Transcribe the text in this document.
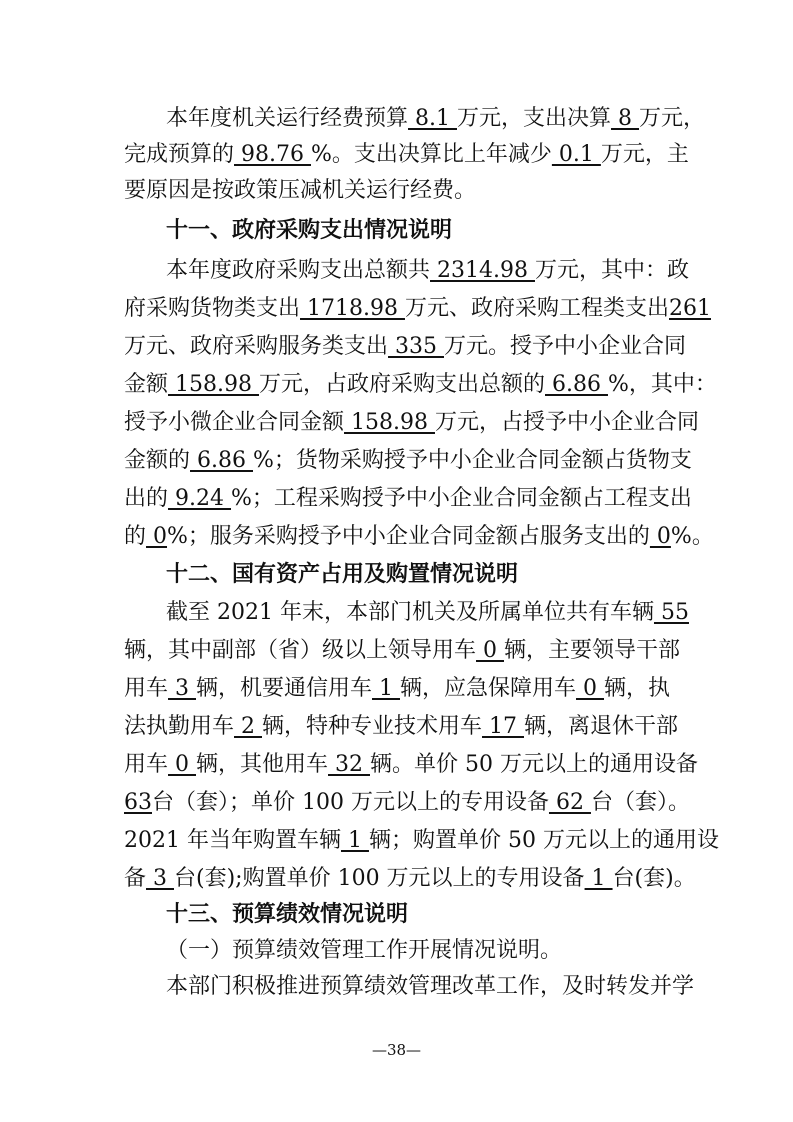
本年度机关运行经费预算 8.1 万元，支出决算 8 万元，
完成预算的 98.76 %。支出决算比上年减少 0.1 万元，主
要原因是按政策压减机关运行经费。
十一、政府采购支出情况说明
本年度政府采购支出总额共 2314.98 万元，其中：政
府采购货物类支出 1718.98 万元、政府采购工程类支出261
万元、政府采购服务类支出 335 万元。授予中小企业合同
金额 158.98 万元，占政府采购支出总额的 6.86 %，其中：
授予小微企业合同金额 158.98 万元，占授予中小企业合同
金额的 6.86 %；货物采购授予中小企业合同金额占货物支
出的 9.24 %；工程采购授予中小企业合同金额占工程支出
的 0%；服务采购授予中小企业合同金额占服务支出的 0%。
十二、国有资产占用及购置情况说明
截至 2021 年末，本部门机关及所属单位共有车辆 55
辆，其中副部（省）级以上领导用车 0 辆，主要领导干部
用车 3 辆，机要通信用车 1 辆，应急保障用车 0 辆，执
法执勤用车 2 辆，特种专业技术用车 17 辆，离退休干部
用车 0 辆，其他用车 32 辆。单价 50 万元以上的通用设备
63台（套）；单价 100 万元以上的专用设备 62 台（套）。
2021 年当年购置车辆 1 辆；购置单价 50 万元以上的通用设
备 3 台(套);购置单价 100 万元以上的专用设备 1 台(套)。
十三、预算绩效情况说明
（一）预算绩效管理工作开展情况说明。
本部门积极推进预算绩效管理改革工作，及时转发并学
—38—
